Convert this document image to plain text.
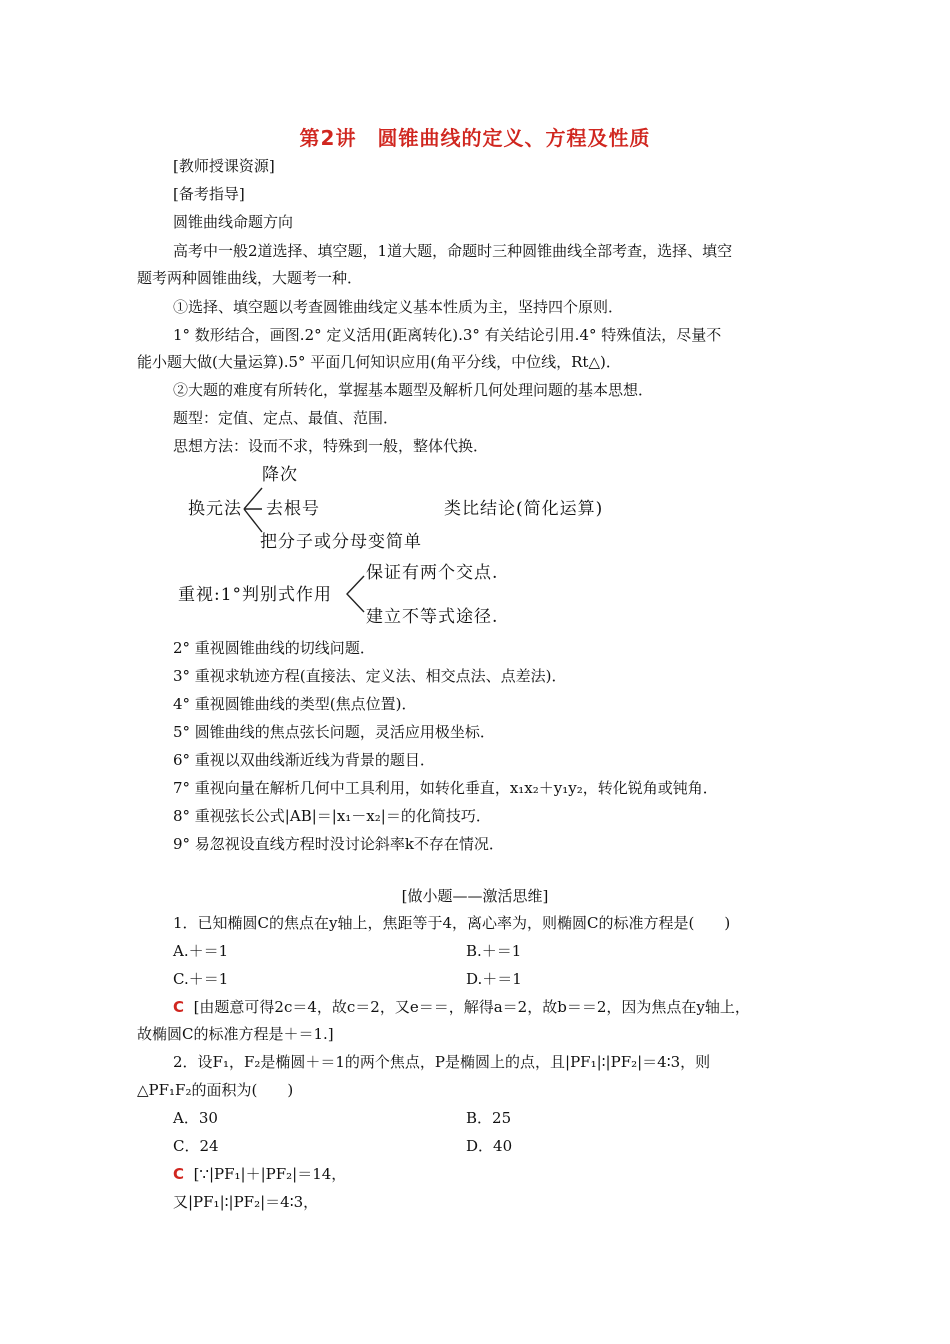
第2讲　圆锥曲线的定义、方程及性质
[教师授课资源]
[备考指导]
圆锥曲线命题方向
高考中一般2道选择、填空题，1道大题，命题时三种圆锥曲线全部考查，选择、填空
题考两种圆锥曲线，大题考一种．
①选择、填空题以考查圆锥曲线定义基本性质为主，坚持四个原则．
1° 数形结合，画图.2° 定义活用(距离转化).3° 有关结论引用.4° 特殊值法，尽量不
能小题大做(大量运算).5° 平面几何知识应用(角平分线，中位线，Rt△)．
②大题的难度有所转化，掌握基本题型及解析几何处理问题的基本思想．
题型：定值、定点、最值、范围．
思想方法：设而不求，特殊到一般，整体代换．
降次
换元法 去根号	类比结论(简化运算)
把分子或分母变简单
重视:1°判别式作用
保证有两个交点.
建立不等式途径.
2° 重视圆锥曲线的切线问题．
3° 重视求轨迹方程(直接法、定义法、相交点法、点差法)．
4° 重视圆锥曲线的类型(焦点位置)．
5° 圆锥曲线的焦点弦长问题，灵活应用极坐标．
6° 重视以双曲线渐近线为背景的题目．
7° 重视向量在解析几何中工具利用，如转化垂直，x₁x₂＋y₁y₂，转化锐角或钝角．
8° 重视弦长公式|AB|＝|x₁－x₂|＝的化简技巧．
9° 易忽视设直线方程时没讨论斜率k不存在情况．
[做小题——激活思维]
1．已知椭圆C的焦点在y轴上，焦距等于4，离心率为，则椭圆C的标准方程是(　　)
A.＋＝1	B.＋＝1
C.＋＝1	D.＋＝1
C [由题意可得2c＝4，故c＝2，又e＝＝，解得a＝2，故b＝＝2，因为焦点在y轴上，
故椭圆C的标准方程是＋＝1.]
2．设F₁，F₂是椭圆＋＝1的两个焦点，P是椭圆上的点，且|PF₁|∶|PF₂|＝4∶3，则
△PF₁F₂的面积为(　　)
A．30	B．25
C．24	D．40
C [∵|PF₁|＋|PF₂|＝14，
又|PF₁|∶|PF₂|＝4∶3，
